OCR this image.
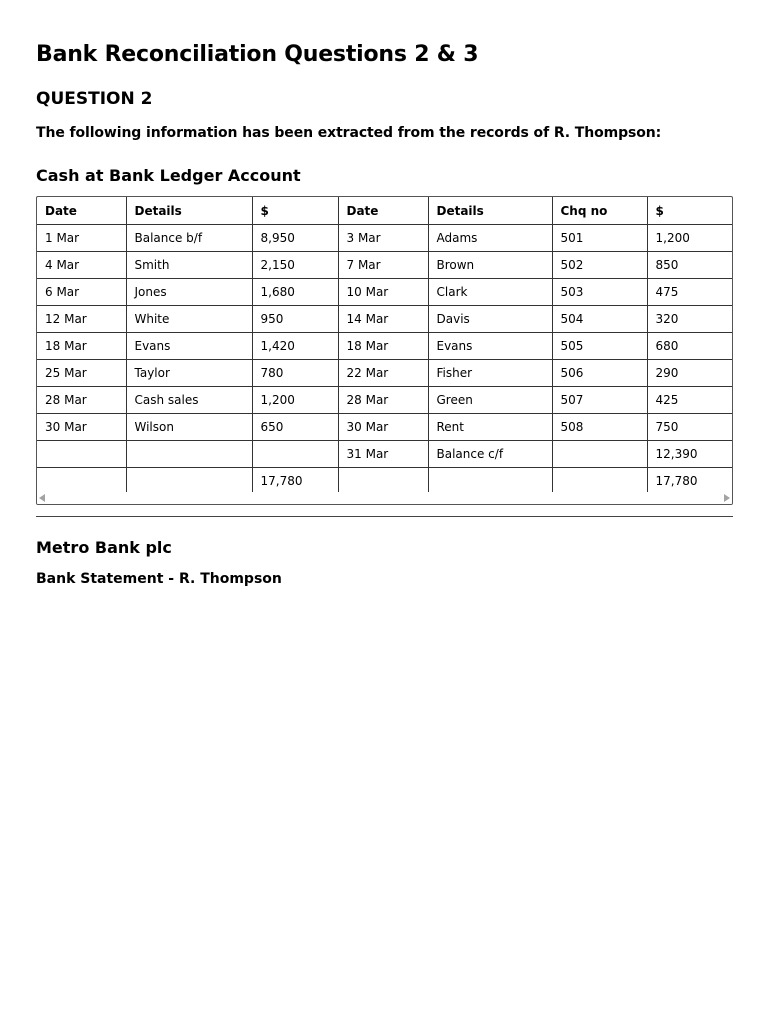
Bank Reconciliation Questions 2 & 3
QUESTION 2

The following information has been extracted from the records of R. Thompson:

Cash at Bank Ledger Account
Date	Details	$	Date	Details	Chq no	$
1 Mar	Balance b/f	8,950	3 Mar	Adams	501	1,200
4 Mar	Smith	2,150	7 Mar	Brown	502	850
6 Mar	Jones	1,680	10 Mar	Clark	503	475
12 Mar	White	950	14 Mar	Davis	504	320
18 Mar	Evans	1,420	18 Mar	Evans	505	680
25 Mar	Taylor	780	22 Mar	Fisher	506	290
28 Mar	Cash sales	1,200	28 Mar	Green	507	425
30 Mar	Wilson	650	30 Mar	Rent	508	750
			31 Mar	Balance c/f		12,390
		17,780				17,780
Metro Bank plc

Bank Statement - R. Thompson
